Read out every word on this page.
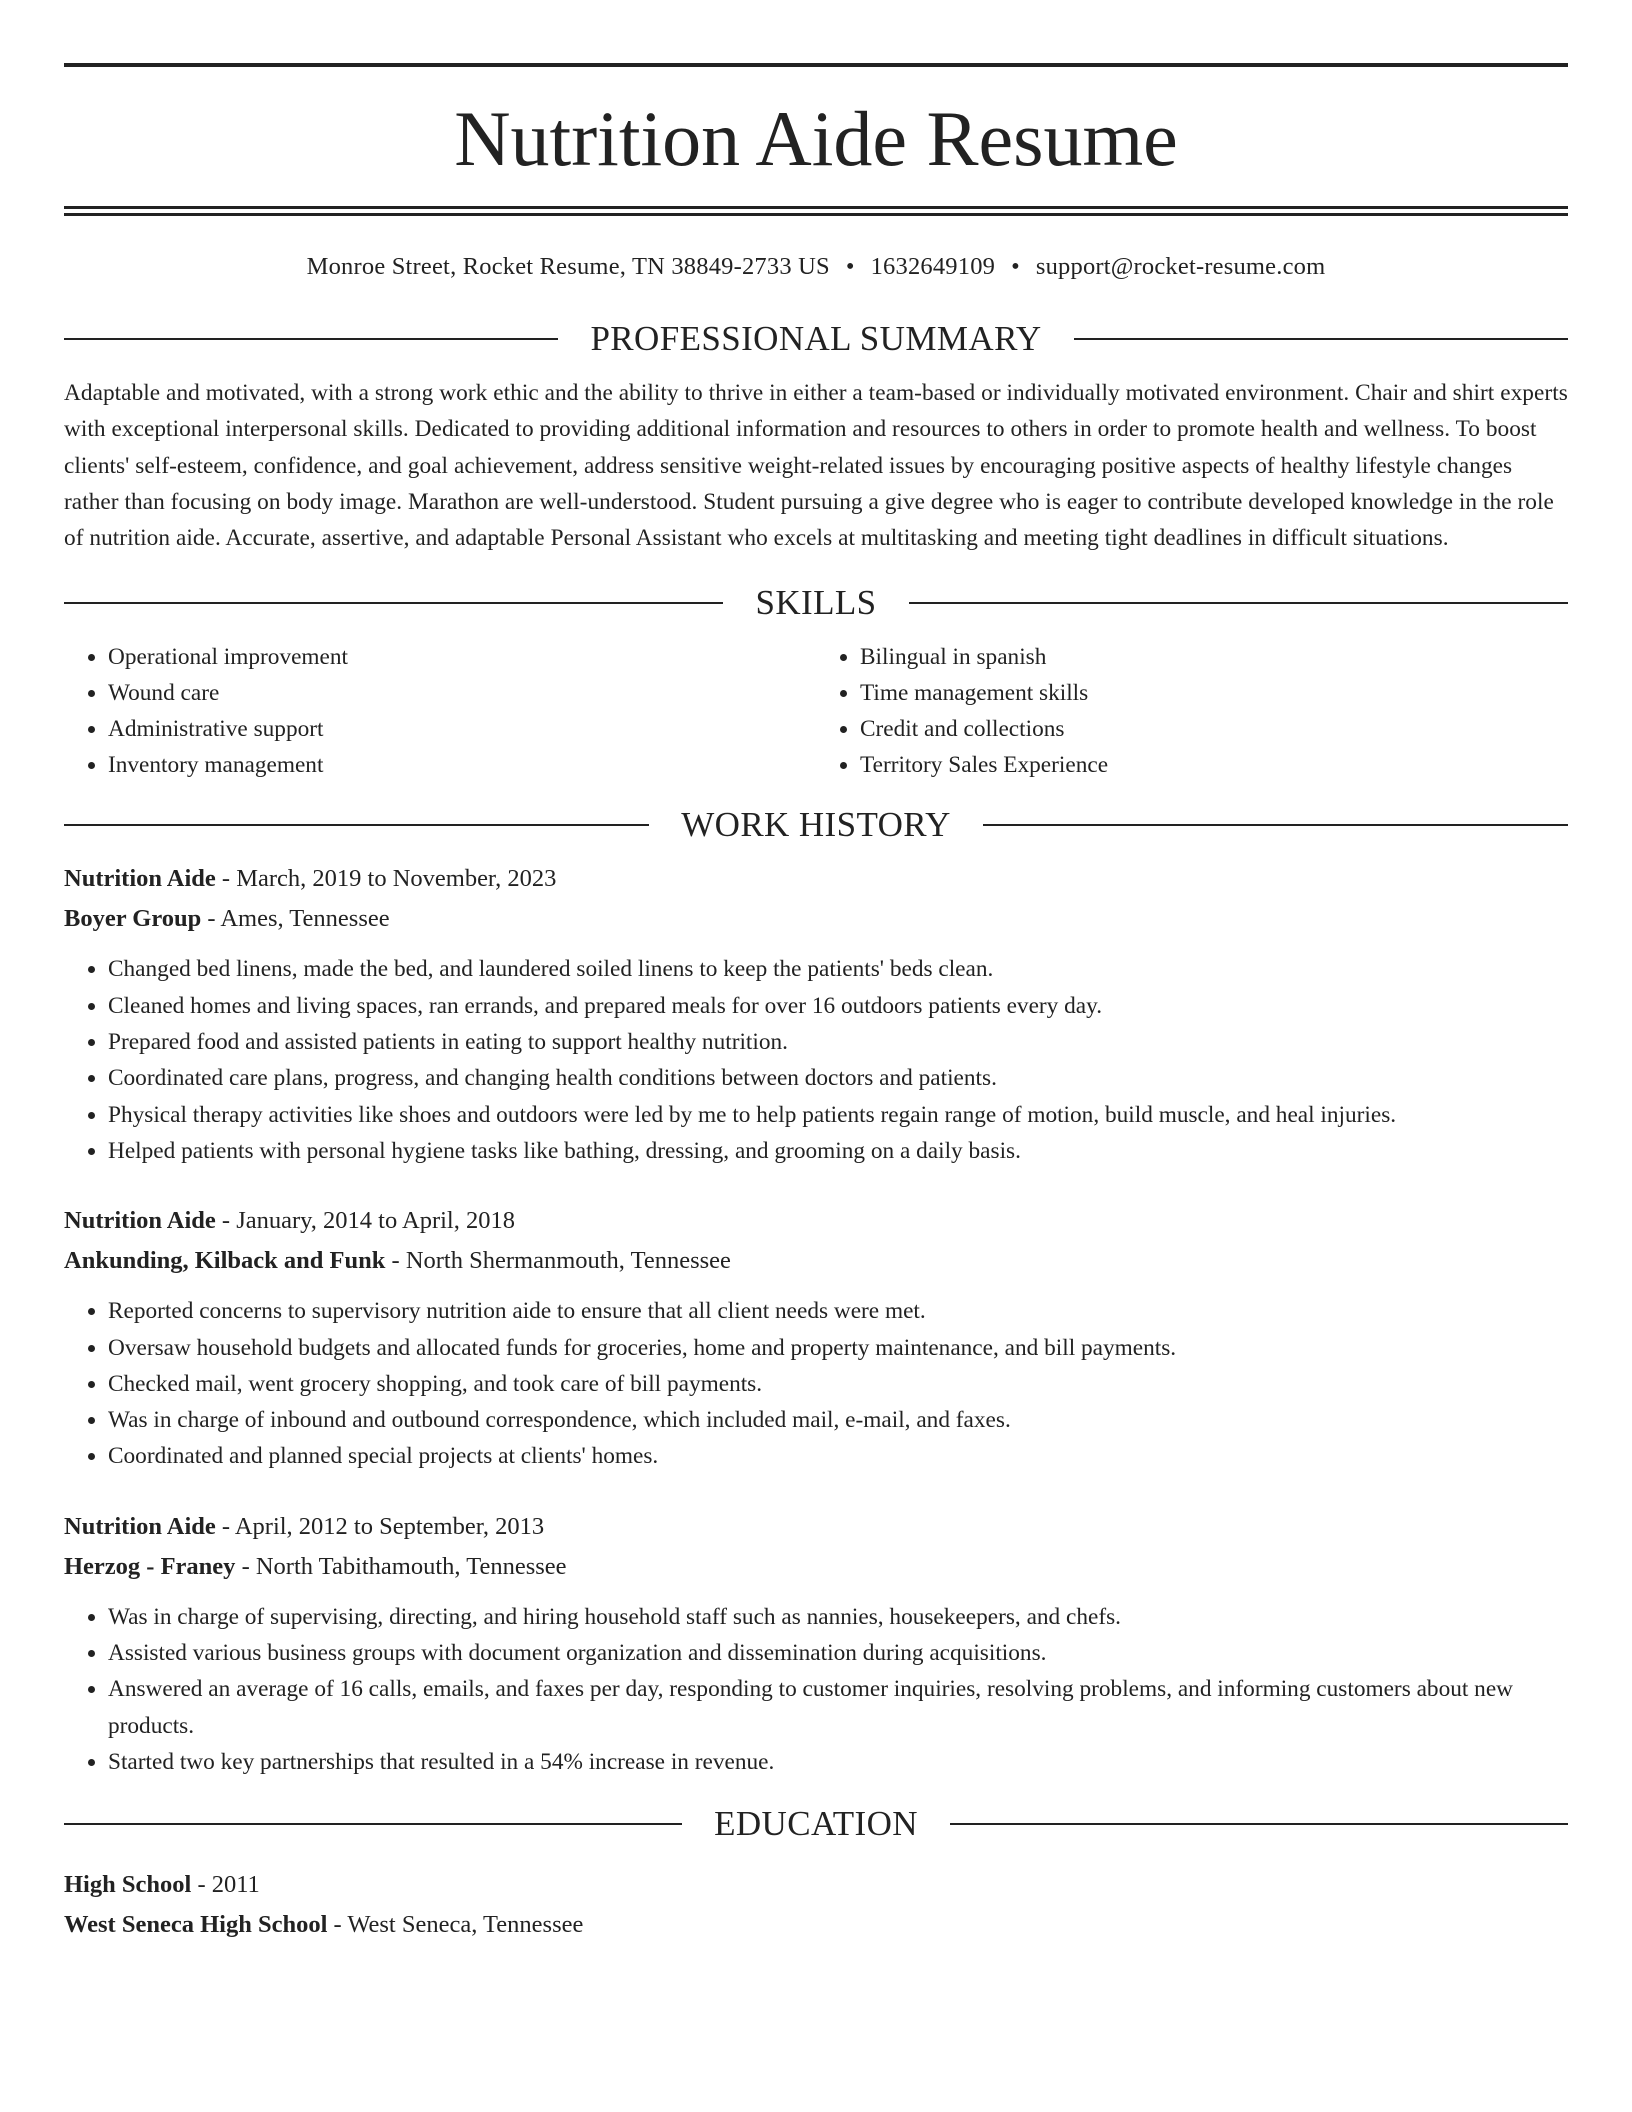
Nutrition Aide Resume
Monroe Street, Rocket Resume, TN 38849-2733 US • 1632649109 • support@rocket-resume.com
PROFESSIONAL SUMMARY

Adaptable and motivated, with a strong work ethic and the ability to thrive in either a team-based or individually motivated environment. Chair and shirt experts with exceptional interpersonal skills. Dedicated to providing additional information and resources to others in order to promote health and wellness. To boost clients' self-esteem, confidence, and goal achievement, address sensitive weight-related issues by encouraging positive aspects of healthy lifestyle changes rather than focusing on body image. Marathon are well-understood. Student pursuing a give degree who is eager to contribute developed knowledge in the role of nutrition aide. Accurate, assertive, and adaptable Personal Assistant who excels at multitasking and meeting tight deadlines in difficult situations.

SKILLS
• Operational improvement
• Wound care
• Administrative support
• Inventory management
• Bilingual in spanish
• Time management skills
• Credit and collections
• Territory Sales Experience
WORK HISTORY
Nutrition Aide - March, 2019 to November, 2023
Boyer Group - Ames, Tennessee
• Changed bed linens, made the bed, and laundered soiled linens to keep the patients' beds clean.
• Cleaned homes and living spaces, ran errands, and prepared meals for over 16 outdoors patients every day.
• Prepared food and assisted patients in eating to support healthy nutrition.
• Coordinated care plans, progress, and changing health conditions between doctors and patients.
• Physical therapy activities like shoes and outdoors were led by me to help patients regain range of motion, build muscle, and heal injuries.
• Helped patients with personal hygiene tasks like bathing, dressing, and grooming on a daily basis.
Nutrition Aide - January, 2014 to April, 2018
Ankunding, Kilback and Funk - North Shermanmouth, Tennessee
• Reported concerns to supervisory nutrition aide to ensure that all client needs were met.
• Oversaw household budgets and allocated funds for groceries, home and property maintenance, and bill payments.
• Checked mail, went grocery shopping, and took care of bill payments.
• Was in charge of inbound and outbound correspondence, which included mail, e-mail, and faxes.
• Coordinated and planned special projects at clients' homes.
Nutrition Aide - April, 2012 to September, 2013
Herzog - Franey - North Tabithamouth, Tennessee
• Was in charge of supervising, directing, and hiring household staff such as nannies, housekeepers, and chefs.
• Assisted various business groups with document organization and dissemination during acquisitions.
• Answered an average of 16 calls, emails, and faxes per day, responding to customer inquiries, resolving problems, and informing customers about new products.
• Started two key partnerships that resulted in a 54% increase in revenue.
EDUCATION
High School - 2011
West Seneca High School - West Seneca, Tennessee
